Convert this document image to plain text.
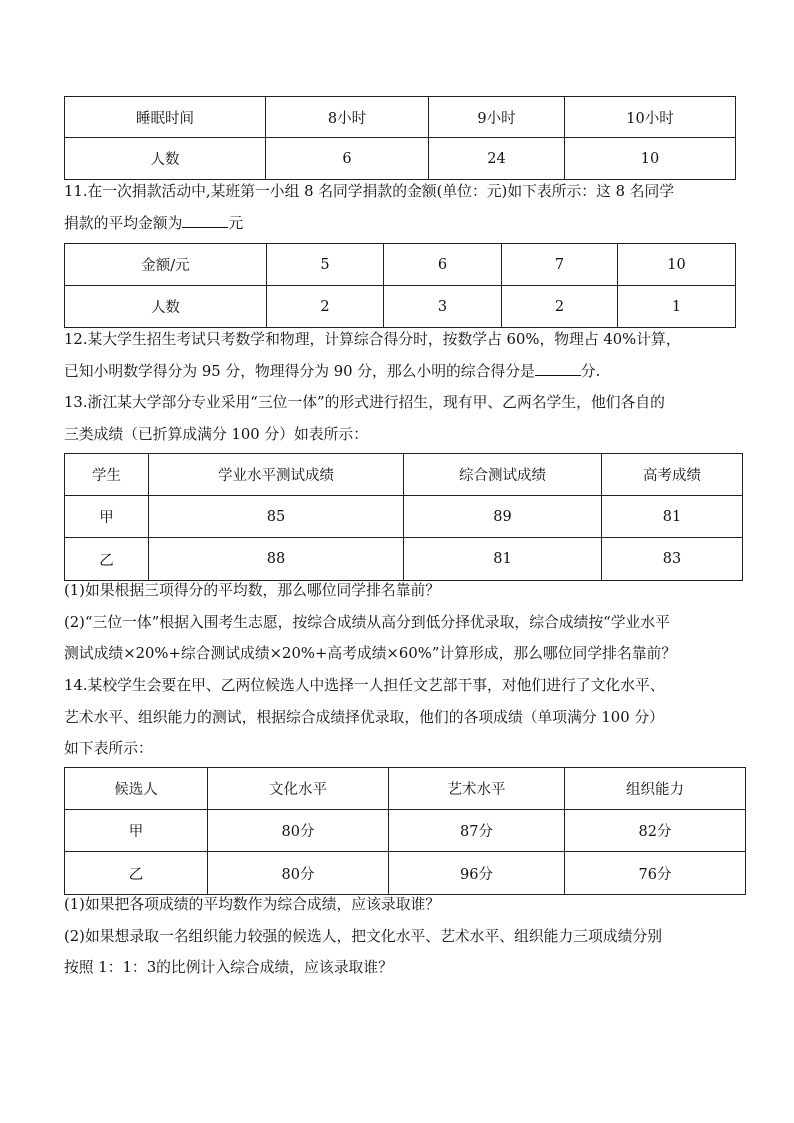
睡眠时间	8小时	9小时	10小时
人数	6	24	10
11.在一次捐款活动中,某班第一小组 8 名同学捐款的金额(单位：元)如下表所示：这 8 名同学
捐款的平均金额为	元
金额/元	5	6	7	10
人数	2	3	2	1
12.某大学生招生考试只考数学和物理，计算综合得分时，按数学占 60%，物理占 40%计算，
已知小明数学得分为 95 分，物理得分为 90 分，那么小明的综合得分是	分.
13.浙江某大学部分专业采用“三位一体”的形式进行招生，现有甲、乙两名学生，他们各自的
三类成绩（已折算成满分 100 分）如表所示：
学生	学业水平测试成绩	综合测试成绩	高考成绩
甲	85	89	81
乙	88	81	83
(1)如果根据三项得分的平均数，那么哪位同学排名靠前？
(2)“三位一体”根据入围考生志愿，按综合成绩从高分到低分择优录取，综合成绩按“学业水平
测试成绩×20%+综合测试成绩×20%+高考成绩×60%”计算形成，那么哪位同学排名靠前？
14.某校学生会要在甲、乙两位候选人中选择一人担任文艺部干事，对他们进行了文化水平、
艺术水平、组织能力的测试，根据综合成绩择优录取，他们的各项成绩（单项满分 100 分）
如下表所示：
候选人	文化水平	艺术水平	组织能力
甲	80分	87分	82分
乙	80分	96分	76分
(1)如果把各项成绩的平均数作为综合成绩，应该录取谁？
(2)如果想录取一名组织能力较强的候选人，把文化水平、艺术水平、组织能力三项成绩分别
按照 1：1：3的比例计入综合成绩，应该录取谁？
